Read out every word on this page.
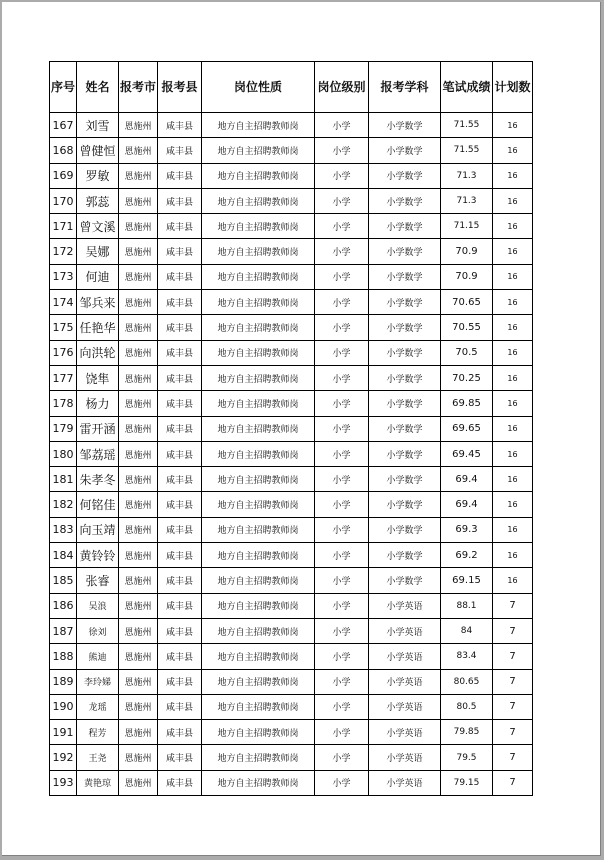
序号	姓名	报考市	报考县	岗位性质	岗位级别	报考学科	笔试成绩	计划数
167	刘雪	恩施州	咸丰县	地方自主招聘教师岗	小学	小学数学	71.55	16
168	曾健恒	恩施州	咸丰县	地方自主招聘教师岗	小学	小学数学	71.55	16
169	罗敏	恩施州	咸丰县	地方自主招聘教师岗	小学	小学数学	71.3	16
170	郭蕊	恩施州	咸丰县	地方自主招聘教师岗	小学	小学数学	71.3	16
171	曾文溪	恩施州	咸丰县	地方自主招聘教师岗	小学	小学数学	71.15	16
172	吴娜	恩施州	咸丰县	地方自主招聘教师岗	小学	小学数学	70.9	16
173	何迪	恩施州	咸丰县	地方自主招聘教师岗	小学	小学数学	70.9	16
174	邹兵来	恩施州	咸丰县	地方自主招聘教师岗	小学	小学数学	70.65	16
175	任艳华	恩施州	咸丰县	地方自主招聘教师岗	小学	小学数学	70.55	16
176	向洪轮	恩施州	咸丰县	地方自主招聘教师岗	小学	小学数学	70.5	16
177	饶隼	恩施州	咸丰县	地方自主招聘教师岗	小学	小学数学	70.25	16
178	杨力	恩施州	咸丰县	地方自主招聘教师岗	小学	小学数学	69.85	16
179	雷开涵	恩施州	咸丰县	地方自主招聘教师岗	小学	小学数学	69.65	16
180	邹荔瑶	恩施州	咸丰县	地方自主招聘教师岗	小学	小学数学	69.45	16
181	朱孝冬	恩施州	咸丰县	地方自主招聘教师岗	小学	小学数学	69.4	16
182	何铭佳	恩施州	咸丰县	地方自主招聘教师岗	小学	小学数学	69.4	16
183	向玉靖	恩施州	咸丰县	地方自主招聘教师岗	小学	小学数学	69.3	16
184	黄铃铃	恩施州	咸丰县	地方自主招聘教师岗	小学	小学数学	69.2	16
185	张睿	恩施州	咸丰县	地方自主招聘教师岗	小学	小学数学	69.15	16
186	吴浪	恩施州	咸丰县	地方自主招聘教师岗	小学	小学英语	88.1	7
187	徐刘	恩施州	咸丰县	地方自主招聘教师岗	小学	小学英语	84	7
188	熊迪	恩施州	咸丰县	地方自主招聘教师岗	小学	小学英语	83.4	7
189	李玲娣	恩施州	咸丰县	地方自主招聘教师岗	小学	小学英语	80.65	7
190	龙瑶	恩施州	咸丰县	地方自主招聘教师岗	小学	小学英语	80.5	7
191	程芳	恩施州	咸丰县	地方自主招聘教师岗	小学	小学英语	79.85	7
192	王尧	恩施州	咸丰县	地方自主招聘教师岗	小学	小学英语	79.5	7
193	黄艳琼	恩施州	咸丰县	地方自主招聘教师岗	小学	小学英语	79.15	7
